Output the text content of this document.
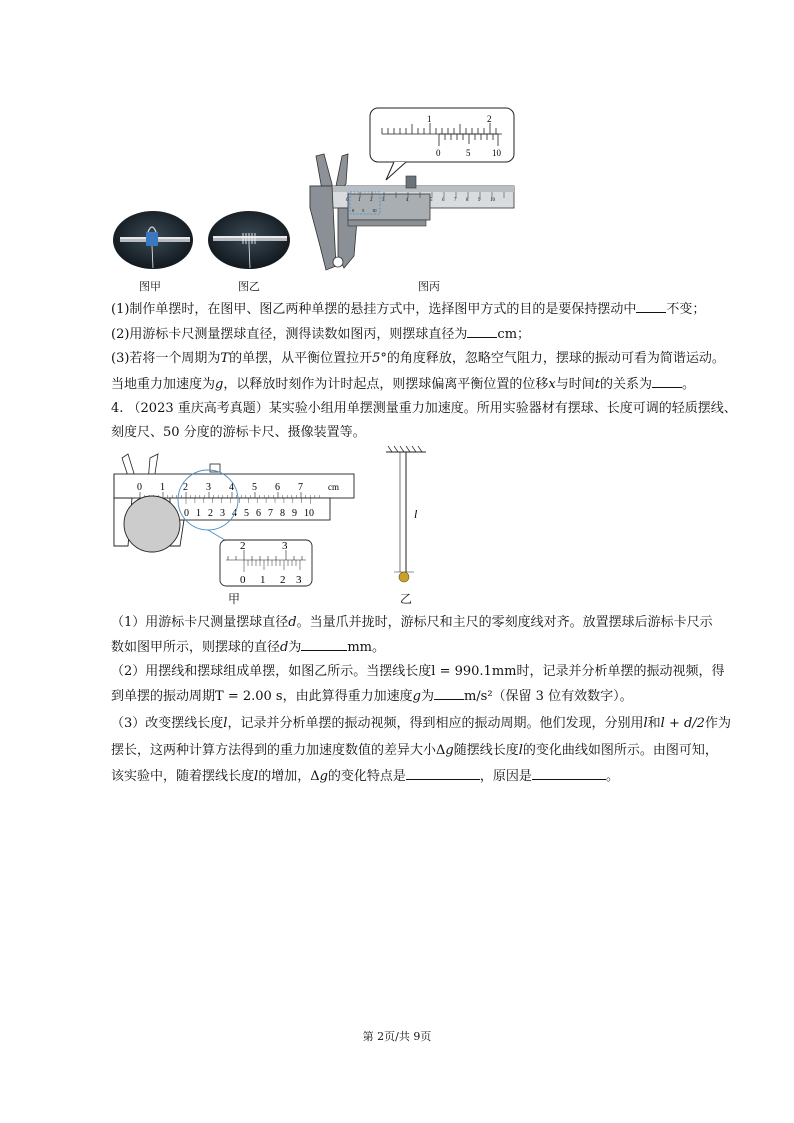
图甲	图乙
1	2
0	5 10
0 1 2 3	4	5 6 7 8 9 10
0 5 10
图丙
(1)制作单摆时，在图甲、图乙两种单摆的悬挂方式中，选择图甲方式的目的是要保持摆动中 不变；
(2)用游标卡尺测量摆球直径，测得读数如图丙，则摆球直径为 cm；
(3)若将一个周期为T的单摆，从平衡位置拉开5°的角度释放，忽略空气阻力，摆球的振动可看为简谐运动。
当地重力加速度为g，以释放时刻作为计时起点，则摆球偏离平衡位置的位移x与时间t的关系为 。
4. （2023 重庆高考真题）某实验小组用单摆测量重力加速度。所用实验器材有摆球、长度可调的轻质摆线、
刻度尺、50 分度的游标卡尺、摄像装置等。
0 1 2 3 4 5 6 7	cm
0 1 2 3 4 5 6 7 8 9 10
2	3
0 1 2 3
甲
l
乙
（1）用游标卡尺测量摆球直径d。当量爪并拢时，游标尺和主尺的零刻度线对齐。放置摆球后游标卡尺示
数如图甲所示，则摆球的直径d为	mm。
（2）用摆线和摆球组成单摆，如图乙所示。当摆线长度l = 990.1mm时，记录并分析单摆的振动视频，得
到单摆的振动周期T = 2.00 s，由此算得重力加速度g为 m/s²（保留 3 位有效数字）。
（3）改变摆线长度l，记录并分析单摆的振动视频，得到相应的振动周期。他们发现，分别用l和l + d/2作为
摆长，这两种计算方法得到的重力加速度数值的差异大小Δg随摆线长度l的变化曲线如图所示。由图可知，
该实验中，随着摆线长度l的增加，Δg的变化特点是	，原因是	。
第 2页/共 9页
